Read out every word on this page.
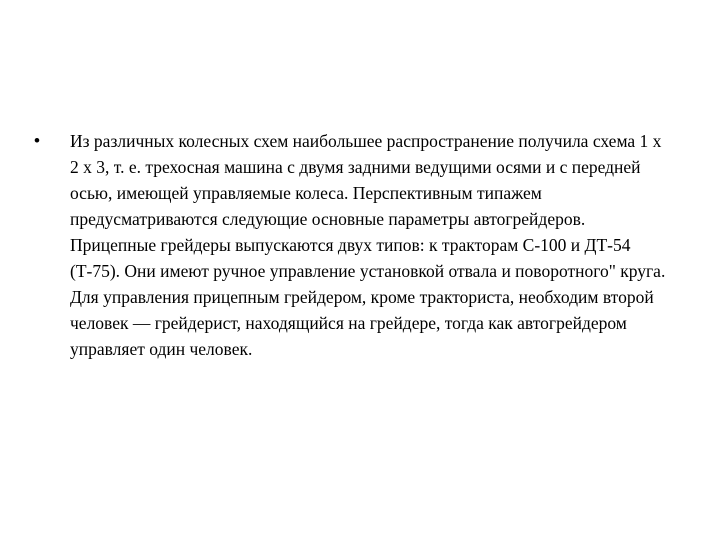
•	Из различных колесных схем наибольшее распространение получила схема 1 x 2 x 3, т. е. трехосная машина с двумя задними ведущими осями и с передней осью, имеющей управляемые колеса. Перспективным типажем предусматриваются следующие основные параметры автогрейдеров.
Прицепные грейдеры выпускаются двух типов: к тракторам С-100 и ДТ-54 (Т-75). Они имеют ручное управление установкой отвала и поворотного" круга. Для управления прицепным грейдером, кроме тракториста, необходим второй человек — грейдерист, находящийся на грейдере, тогда как автогрейдером управляет один человек.
